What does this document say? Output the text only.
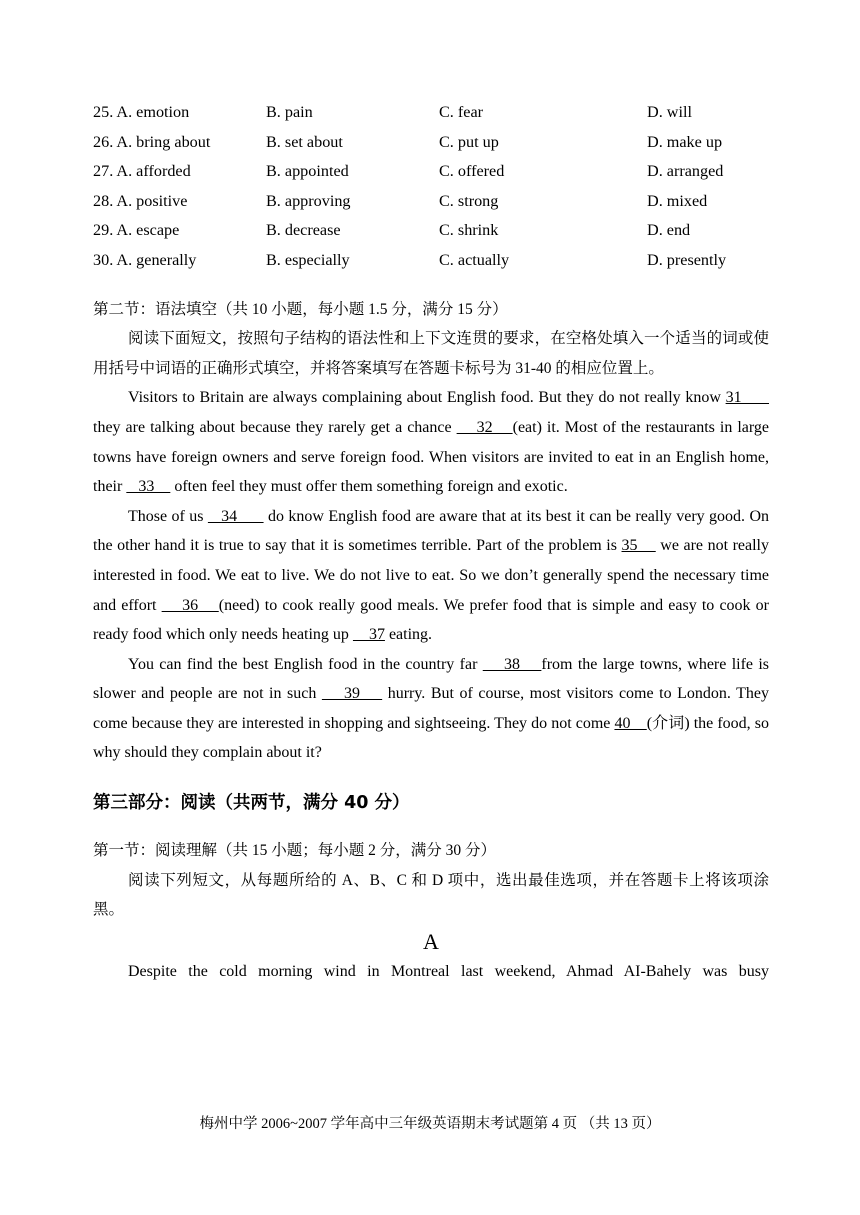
25. A. emotion	B. pain	C. fear	D. will
26. A. bring about	B. set about	C. put up	D. make up
27. A. afforded	B. appointed	C. offered	D. arranged
28. A. positive	B. approving	C. strong	D. mixed
29. A. escape	B. decrease	C. shrink	D. end
30. A. generally	B. especially	C. actually	D. presently
第二节：语法填空（共 10 小题，每小题 1.5 分，满分 15 分）

阅读下面短文，按照句子结构的语法性和上下文连贯的要求，在空格处填入一个适当的词或使用括号中词语的正确形式填空，并将答案填写在答题卡标号为 31-40 的相应位置上。

Visitors to Britain are always complaining about English food. But they do not really know 31       they are talking about because they rarely get a chance     32    (eat) it. Most of the restaurants in large towns have foreign owners and serve foreign food. When visitors are invited to eat in an English home, their    33     often feel they must offer them something foreign and exotic.

Those of us    34       do know English food are aware that at its best it can be really very good. On the other hand it is true to say that it is sometimes terrible. Part of the problem is 35     we are not really interested in food. We eat to live. We do not live to eat. So we don’t generally spend the necessary time and effort     36    (need) to cook really good meals. We prefer food that is simple and easy to cook or ready food which only needs heating up     37 eating.

You can find the best English food in the country far     38    from the large towns, where life is slower and people are not in such     39     hurry. But of course, most visitors come to London. They come because they are interested in shopping and sightseeing. They do not come 40    (介词) the food, so why should they complain about it?

第三部分：阅读（共两节，满分 40 分）
第一节：阅读理解（共 15 小题；每小题 2 分，满分 30 分）

阅读下列短文，从每题所给的 A、B、C 和 D 项中，选出最佳选项，并在答题卡上将该项涂黑。

A

Despite the cold morning wind in Montreal last weekend, Ahmad AI-Bahely was busy

梅州中学 2006~2007 学年高中三年级英语期末考试题第 4 页 （共 13 页）
